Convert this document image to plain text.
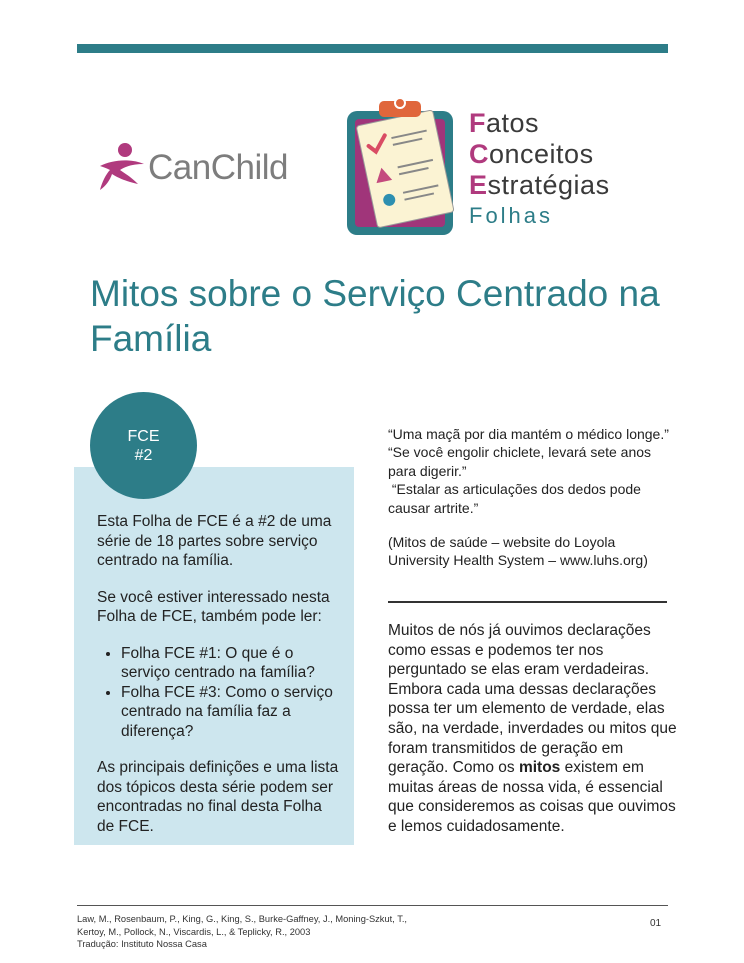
CanChild
Fatos
Conceitos
Estratégias
Folhas
Mitos sobre o Serviço Centrado na Família
FCE
#2

Esta Folha de FCE é a #2 de uma série de 18 partes sobre serviço centrado na família.

Se você estiver interessado nesta Folha de FCE, também pode ler:

• Folha FCE #1: O que é o serviço centrado na família?
• Folha FCE #3: Como o serviço centrado na família faz a diferença?

As principais definições e uma lista dos tópicos desta série podem ser encontradas no final desta Folha de FCE.

“Uma maçã por dia mantém o médico longe.”

“Se você engolir chiclete, levará sete anos para digerir.”

“Estalar as articulações dos dedos pode causar artrite.”

(Mitos de saúde – website do Loyola University Health System – www.luhs.org)

Muitos de nós já ouvimos declarações como essas e podemos ter nos perguntado se elas eram verdadeiras. Embora cada uma dessas declarações possa ter um elemento de verdade, elas são, na verdade, inverdades ou mitos que foram transmitidos de geração em geração. Como os mitos existem em muitas áreas de nossa vida, é essencial que consideremos as coisas que ouvimos e lemos cuidadosamente.
Law, M., Rosenbaum, P., King, G., King, S., Burke-Gaffney, J., Moning-Szkut, T.,
Kertoy, M., Pollock, N., Viscardis, L., & Teplicky, R., 2003
Tradução: Instituto Nossa Casa
01
